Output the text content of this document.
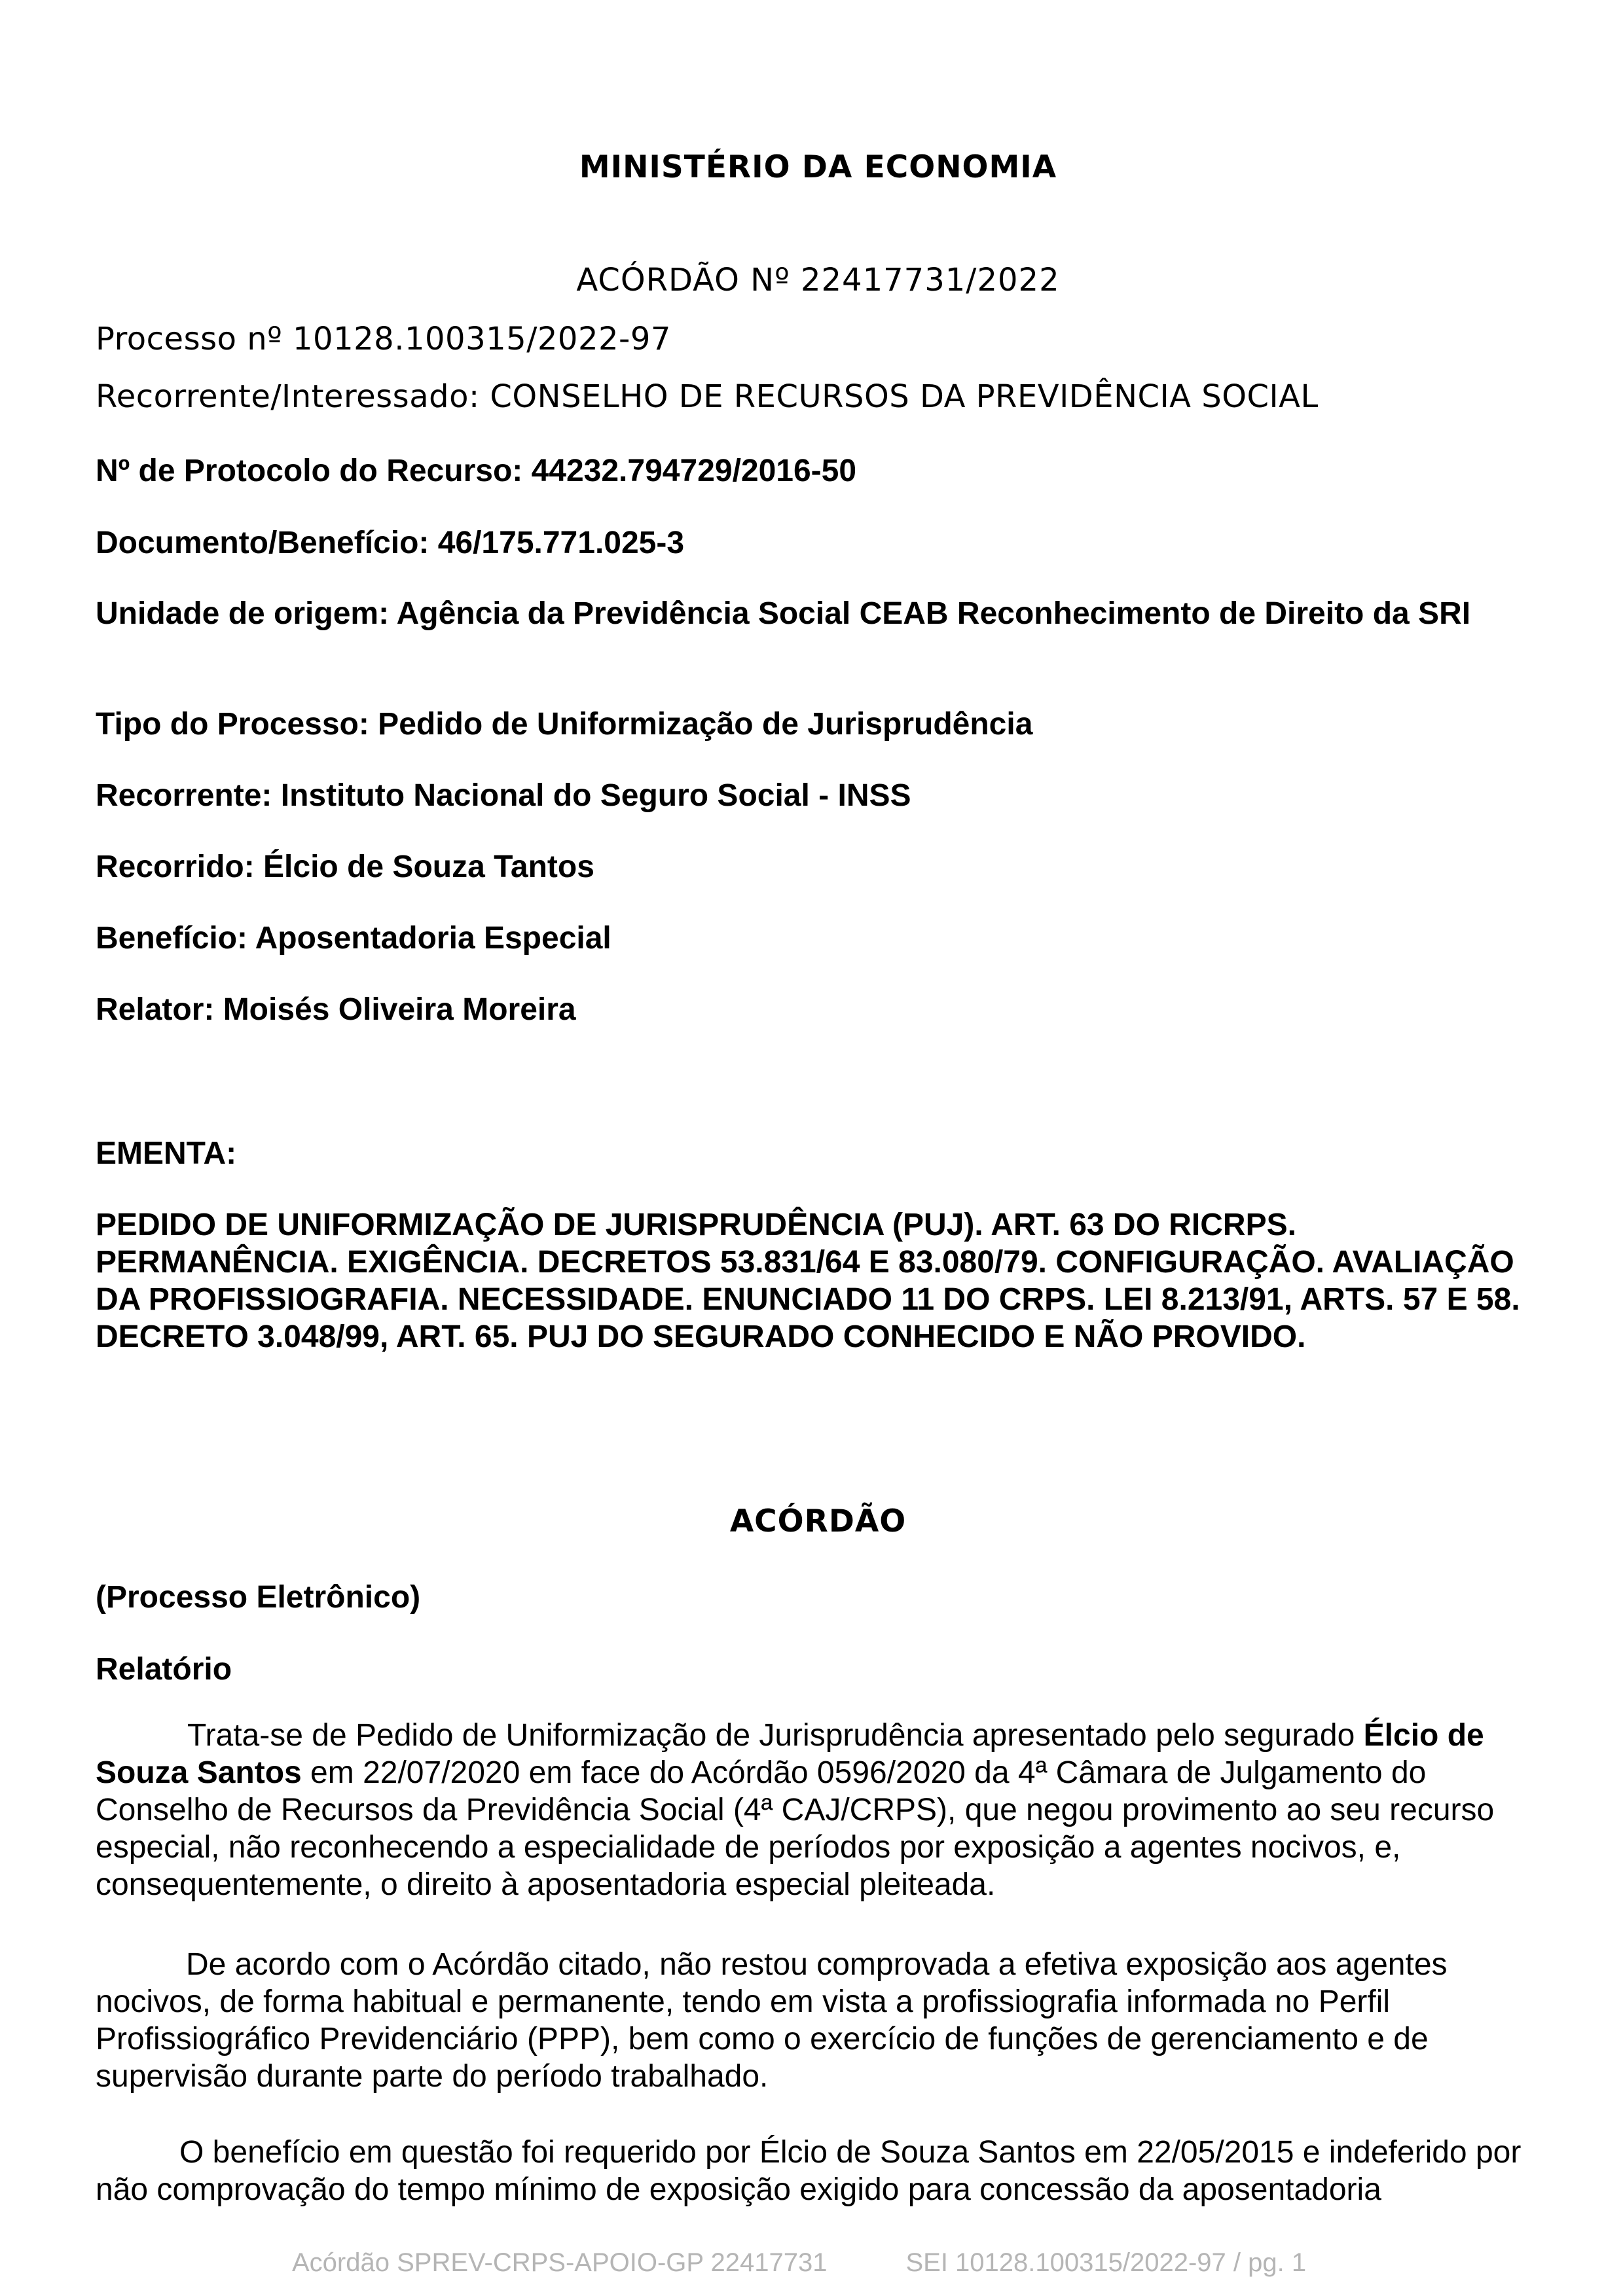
MINISTÉRIO DA ECONOMIA

ACÓRDÃO Nº 22417731/2022

Processo nº 10128.100315/2022-97

Recorrente/Interessado: CONSELHO DE RECURSOS DA PREVIDÊNCIA SOCIAL

Nº de Protocolo do Recurso: 44232.794729/2016-50

Documento/Benefício: 46/175.771.025-3

Unidade de origem: Agência da Previdência Social CEAB Reconhecimento de Direito da SRI

Tipo do Processo: Pedido de Uniformização de Jurisprudência

Recorrente: Instituto Nacional do Seguro Social - INSS

Recorrido: Élcio de Souza Tantos

Benefício: Aposentadoria Especial

Relator: Moisés Oliveira Moreira

EMENTA:

PEDIDO DE UNIFORMIZAÇÃO DE JURISPRUDÊNCIA (PUJ). ART. 63 DO RICRPS. PERMANÊNCIA. EXIGÊNCIA. DECRETOS 53.831/64 E 83.080/79. CONFIGURAÇÃO. AVALIAÇÃO DA PROFISSIOGRAFIA. NECESSIDADE. ENUNCIADO 11 DO CRPS. LEI 8.213/91, ARTS. 57 E 58. DECRETO 3.048/99, ART. 65. PUJ DO SEGURADO CONHECIDO E NÃO PROVIDO.

ACÓRDÃO

(Processo Eletrônico)

Relatório

Trata-se de Pedido de Uniformização de Jurisprudência apresentado pelo segurado Élcio de Souza Santos em 22/07/2020 em face do Acórdão 0596/2020 da 4ª Câmara de Julgamento do Conselho de Recursos da Previdência Social (4ª CAJ/CRPS), que negou provimento ao seu recurso especial, não reconhecendo a especialidade de períodos por exposição a agentes nocivos, e, consequentemente, o direito à aposentadoria especial pleiteada.

De acordo com o Acórdão citado, não restou comprovada a efetiva exposição aos agentes nocivos, de forma habitual e permanente, tendo em vista a profissiografia informada no Perfil Profissiográfico Previdenciário (PPP), bem como o exercício de funções de gerenciamento e de supervisão durante parte do período trabalhado.

O benefício em questão foi requerido por Élcio de Souza Santos em 22/05/2015 e indeferido por não comprovação do tempo mínimo de exposição exigido para concessão da aposentadoria

Acórdão SPREV-CRPS-APOIO-GP 22417731	SEI 10128.100315/2022-97 / pg. 1
